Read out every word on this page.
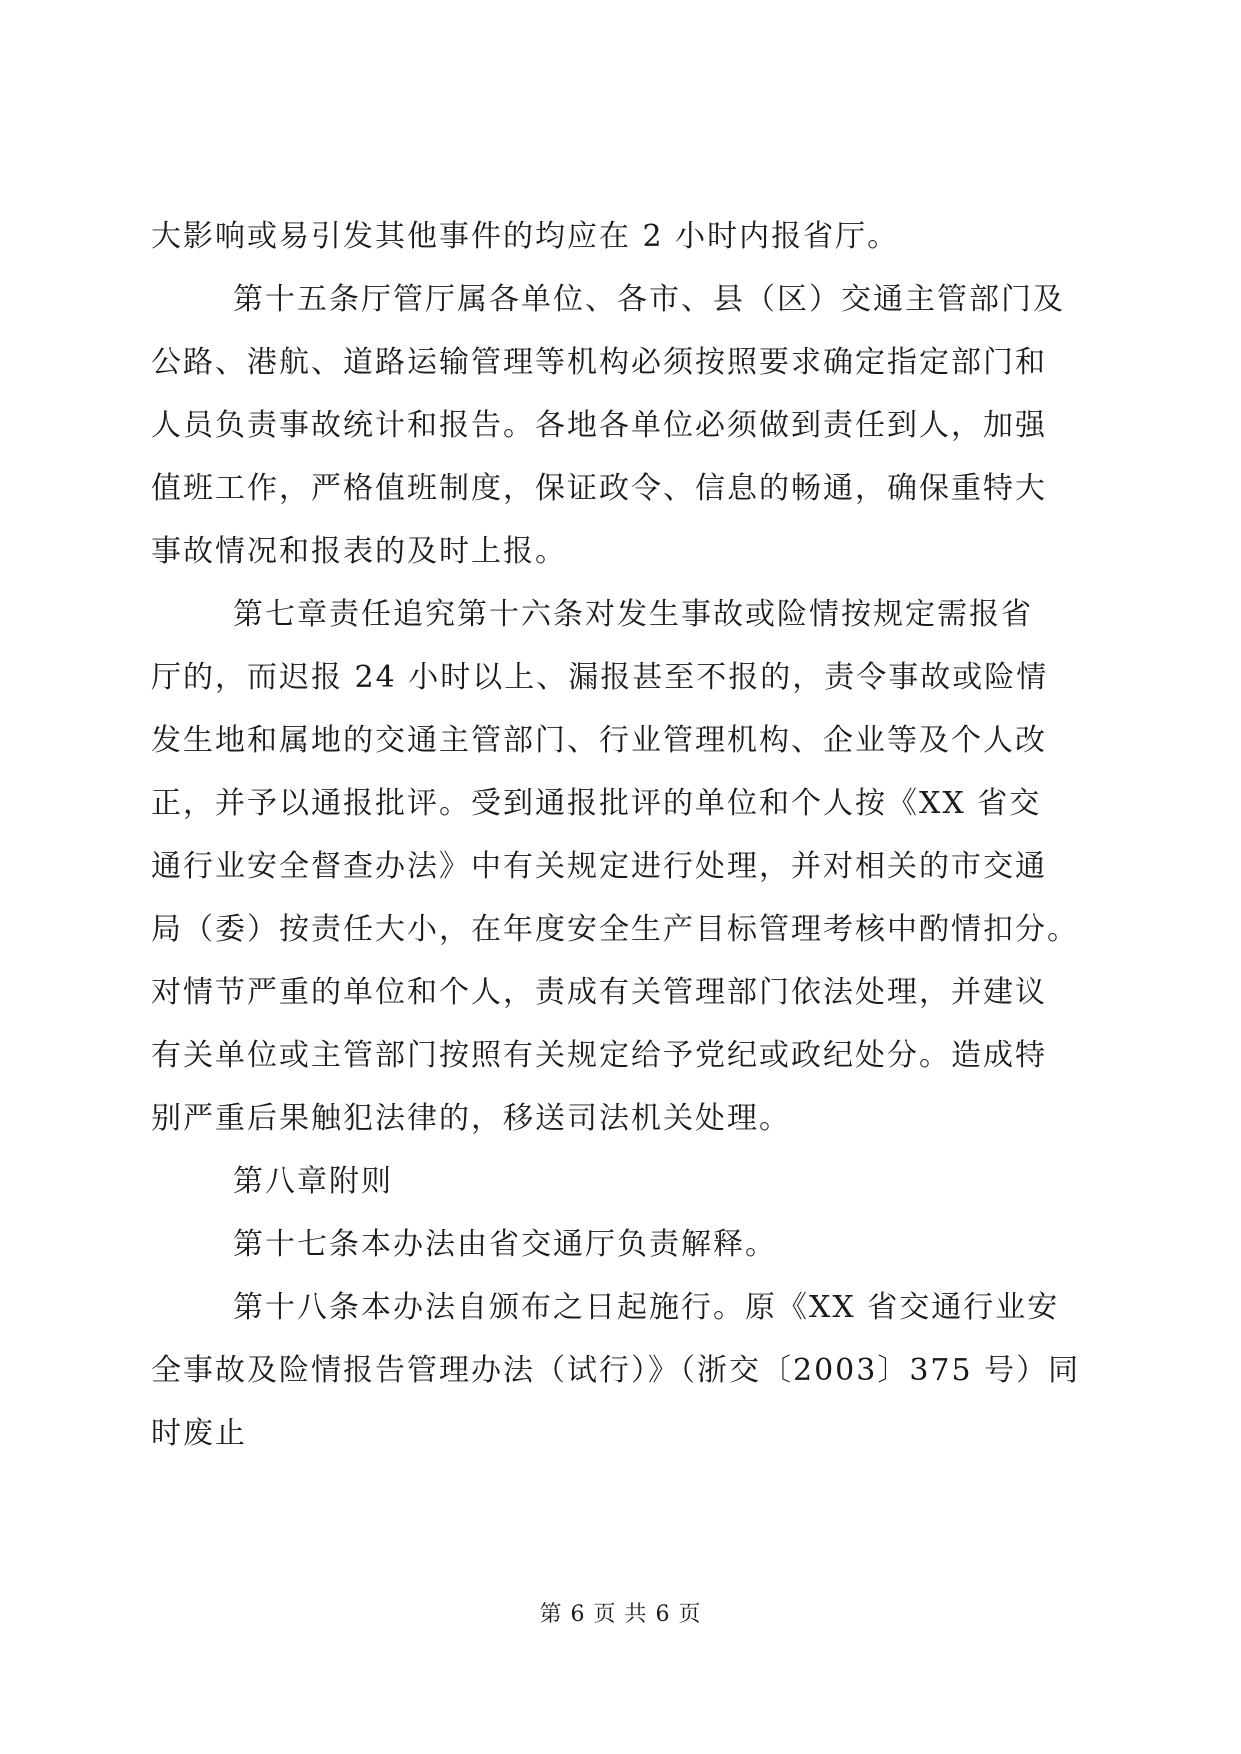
大影响或易引发其他事件的均应在 2 小时内报省厅。
第十五条厅管厅属各单位、各市、县（区）交通主管部门及
公路、港航、道路运输管理等机构必须按照要求确定指定部门和
人员负责事故统计和报告。各地各单位必须做到责任到人，加强
值班工作，严格值班制度，保证政令、信息的畅通，确保重特大
事故情况和报表的及时上报。
第七章责任追究第十六条对发生事故或险情按规定需报省
厅的，而迟报 24 小时以上、漏报甚至不报的，责令事故或险情
发生地和属地的交通主管部门、行业管理机构、企业等及个人改
正，并予以通报批评。受到通报批评的单位和个人按《XX 省交
通行业安全督查办法》中有关规定进行处理，并对相关的市交通
局（委）按责任大小，在年度安全生产目标管理考核中酌情扣分。
对情节严重的单位和个人，责成有关管理部门依法处理，并建议
有关单位或主管部门按照有关规定给予党纪或政纪处分。造成特
别严重后果触犯法律的，移送司法机关处理。
第八章附则
第十七条本办法由省交通厅负责解释。
第十八条本办法自颁布之日起施行。原《XX 省交通行业安
全事故及险情报告管理办法（试行）》（浙交〔2003〕375 号）同
时废止
第 6 页 共 6 页
